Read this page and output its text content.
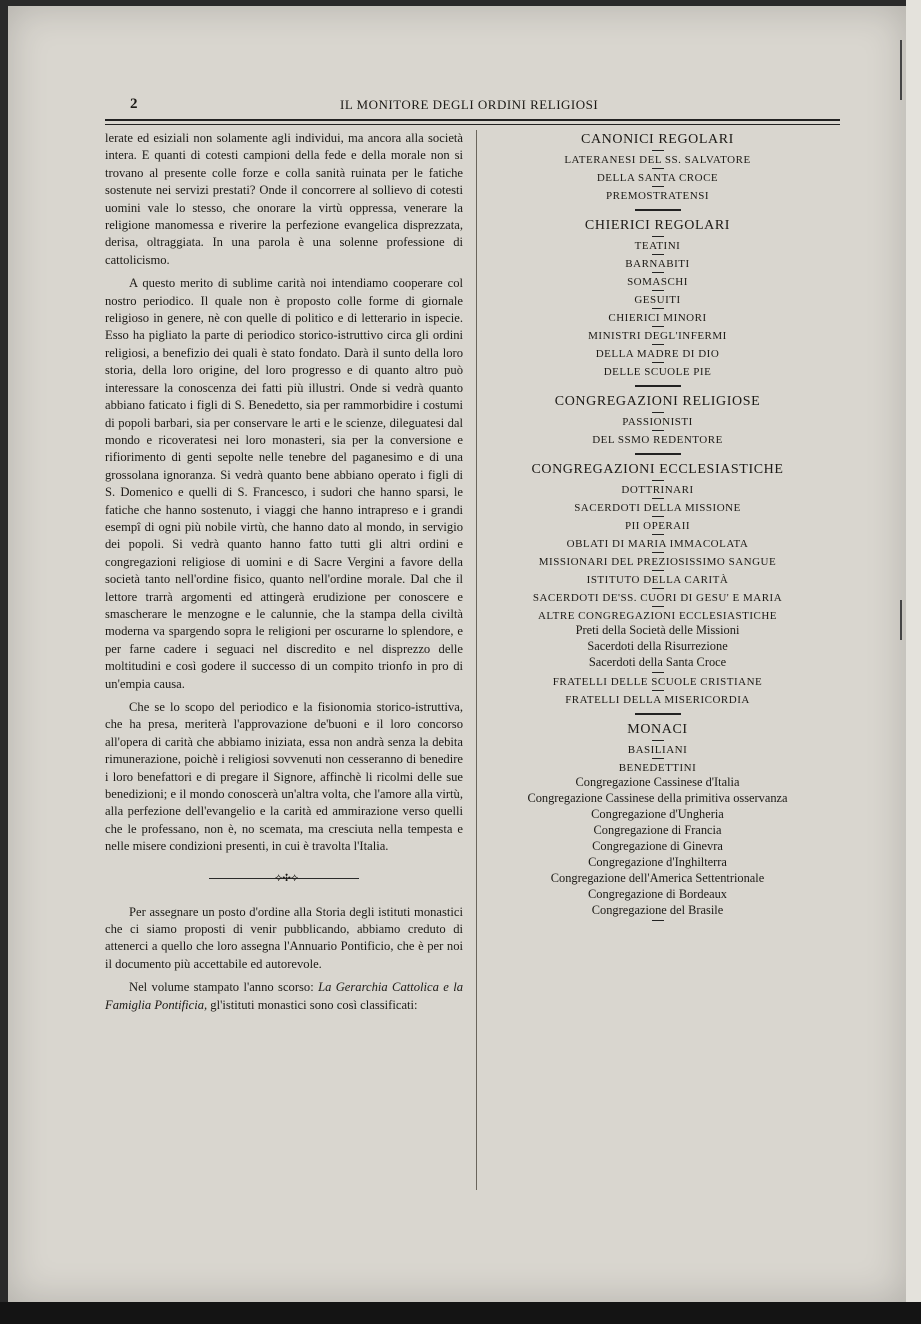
2	IL MONITORE DEGLI ORDINI RELIGIOSI

lerate ed esiziali non solamente agli individui, ma ancora alla società intera. E quanti di cotesti campioni della fede e della morale non si trovano al presente colle forze e colla sanità ruinata per le fatiche sostenute nei servizi prestati? Onde il concorrere al sollievo di cotesti uomini vale lo stesso, che onorare la virtù oppressa, venerare la religione manomessa e riverire la perfezione evangelica disprezzata, derisa, oltraggiata. In una parola è una solenne professione di cattolicismo.

A questo merito di sublime carità noi intendiamo cooperare col nostro periodico. Il quale non è proposto colle forme di giornale religioso in genere, nè con quelle di politico e di letterario in ispecie. Esso ha pigliato la parte di periodico storico-istruttivo circa gli ordini religiosi, a benefizio dei quali è stato fondato. Darà il sunto della loro storia, della loro origine, del loro progresso e di quanto altro può interessare la conoscenza dei fatti più illustri. Onde si vedrà quanto abbiano faticato i figli di S. Benedetto, sia per rammorbidire i costumi di popoli barbari, sia per conservare le arti e le scienze, dileguatesi dal mondo e ricoveratesi nei loro monasteri, sia per la conversione e rifiorimento di genti sepolte nelle tenebre del paganesimo e di una grossolana ignoranza. Si vedrà quanto bene abbiano operato i figli di S. Domenico e quelli di S. Francesco, i sudori che hanno sparsi, le fatiche che hanno sostenuto, i viaggi che hanno intrapreso e i grandi esempî di ogni più nobile virtù, che hanno dato al mondo, in servigio dei popoli. Si vedrà quanto hanno fatto tutti gli altri ordini e congregazioni religiose di uomini e di Sacre Vergini a favore della società tanto nell'ordine fisico, quanto nell'ordine morale. Dal che il lettore trarrà argomenti ed attingerà erudizione per conoscere e smascherare le menzogne e le calunnie, che la stampa della civiltà moderna va spargendo sopra le religioni per oscurarne lo splendore, e per farne cadere i seguaci nel discredito e nel disprezzo delle moltitudini e così godere il successo di un compito trionfo in pro di un'empia causa.

Che se lo scopo del periodico e la fisionomia storico-istruttiva, che ha presa, meriterà l'approvazione de'buoni e il loro concorso all'opera di carità che abbiamo iniziata, essa non andrà senza la debita rimunerazione, poichè i religiosi sovvenuti non cesseranno di benedire i loro benefattori e di pregare il Signore, affinchè li ricolmi delle sue benedizioni; e il mondo conoscerà un'altra volta, che l'amore alla virtù, alla perfezione dell'evangelio e la carità ed ammirazione verso quelli che le professano, non è, no scemata, ma cresciuta nella tempesta e nelle misere condizioni presenti, in cui è travolta l'Italia.

⟡✣⟡

Per assegnare un posto d'ordine alla Storia degli istituti monastici che ci siamo proposti di venir pubblicando, abbiamo creduto di attenerci a quello che loro assegna l'Annuario Pontificio, che è per noi il documento più accettabile ed autorevole.

Nel volume stampato l'anno scorso: La Gerarchia Cattolica e la Famiglia Pontificia, gl'istituti monastici sono così classificati:

CANONICI REGOLARI
LATERANESI DEL SS. SALVATORE
DELLA SANTA CROCE
PREMOSTRATENSI
CHIERICI REGOLARI
TEATINI
BARNABITI
SOMASCHI
GESUITI
CHIERICI MINORI
MINISTRI DEGL'INFERMI
DELLA MADRE DI DIO
DELLE SCUOLE PIE
CONGREGAZIONI RELIGIOSE
PASSIONISTI
DEL SSMO REDENTORE
CONGREGAZIONI ECCLESIASTICHE
DOTTRINARI
SACERDOTI DELLA MISSIONE
PII OPERAII
OBLATI DI MARIA IMMACOLATA
MISSIONARI DEL PREZIOSISSIMO SANGUE
ISTITUTO DELLA CARITÀ
SACERDOTI DE'SS. CUORI DI GESU' E MARIA
ALTRE CONGREGAZIONI ECCLESIASTICHE
Preti della Società delle Missioni
Sacerdoti della Risurrezione
Sacerdoti della Santa Croce
FRATELLI DELLE SCUOLE CRISTIANE
FRATELLI DELLA MISERICORDIA
MONACI
BASILIANI
BENEDETTINI
Congregazione Cassinese d'Italia
Congregazione Cassinese della primitiva osservanza
Congregazione d'Ungheria
Congregazione di Francia
Congregazione di Ginevra
Congregazione d'Inghilterra
Congregazione dell'America Settentrionale
Congregazione di Bordeaux
Congregazione del Brasile
